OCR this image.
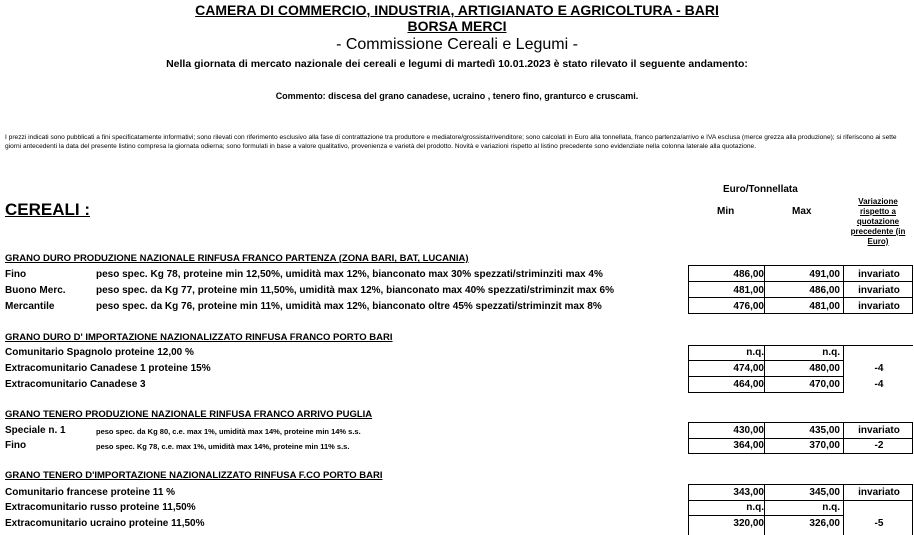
CAMERA DI COMMERCIO, INDUSTRIA, ARTIGIANATO E AGRICOLTURA - BARI
BORSA MERCI
- Commissione Cereali e Legumi -
Nella giornata di mercato nazionale dei cereali e legumi di martedì 10.01.2023 è stato rilevato il seguente andamento:
Commento: discesa del grano canadese, ucraino , tenero fino, granturco e cruscami.
I prezzi indicati sono pubblicati a fini specificatamente informativi; sono rilevati con riferimento esclusivo alla fase di contrattazione tra produttore e mediatore/grossista/rivenditore; sono calcolati in Euro alla tonnellata, franco partenza/arrivo e IVA esclusa (merce grezza alla produzione); si riferiscono ai sette giorni antecedenti la data del presente listino compresa la giornata odierna; sono formulati in base a valore qualitativo, provenienza e varietà del prodotto. Novità e variazioni rispetto al listino precedente sono evidenziate nella colonna laterale alla quotazione.
CEREALI :
Euro/Tonnellata
Min	Max
Variazione rispetto a quotazione precedente (in Euro)
GRANO DURO PRODUZIONE NAZIONALE RINFUSA FRANCO PARTENZA (ZONA BARI, BAT, LUCANIA)
Fino	peso spec. Kg 78, proteine min 12,50%, umidità max 12%, bianconato max 30% spezzati/striminziti max 4%	486,00	491,00	invariato
Buono Merc.	peso spec. da Kg 77, proteine min 11,50%, umidità max 12%, bianconato max 40% spezzati/striminzit max 6%	481,00	486,00	invariato
Mercantile	peso spec. da Kg 76, proteine min 11%, umidità max 12%, bianconato oltre 45% spezzati/striminzit max 8%	476,00	481,00	invariato
GRANO DURO D' IMPORTAZIONE NAZIONALIZZATO RINFUSA FRANCO PORTO BARI
Comunitario Spagnolo proteine 12,00 %	n.q.	n.q.
Extracomunitario Canadese 1 proteine 15%	474,00	480,00	-4
Extracomunitario Canadese 3	464,00	470,00	-4
GRANO TENERO PRODUZIONE NAZIONALE RINFUSA FRANCO ARRIVO PUGLIA
Speciale n. 1	peso spec. da Kg 80, c.e. max 1%, umidità max 14%, proteine min 14% s.s.	430,00	435,00	invariato
Fino	peso spec. Kg 78, c.e. max 1%, umidità max 14%, proteine min 11% s.s.	364,00	370,00	-2
GRANO TENERO D'IMPORTAZIONE NAZIONALIZZATO RINFUSA F.CO PORTO BARI
Comunitario francese proteine 11 %	343,00	345,00	invariato
Extracomunitario russo proteine 11,50%	n.q.	n.q.
Extracomunitario ucraino proteine 11,50%	320,00	326,00	-5
